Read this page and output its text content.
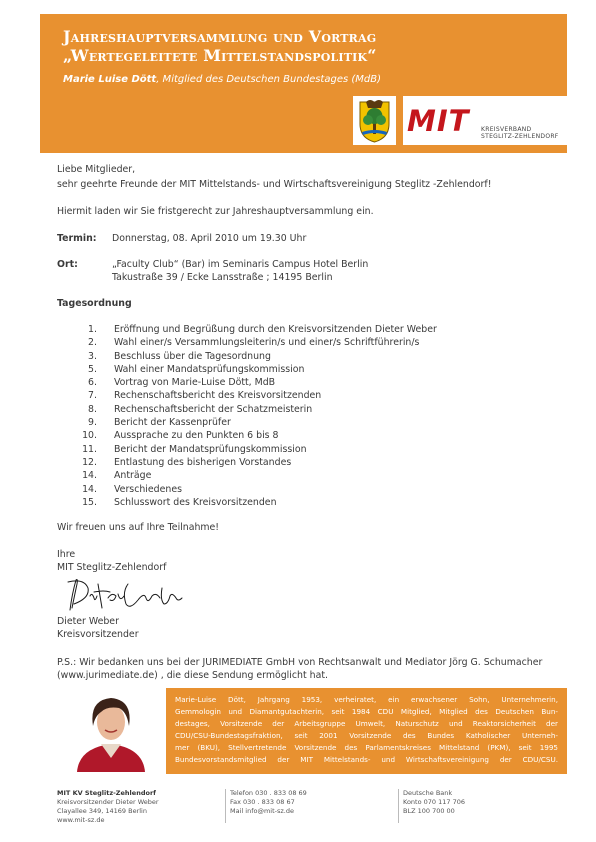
Jahreshauptversammlung und Vortrag
„Wertegeleitete Mittelstandspolitik“
Marie Luise Dött, Mitglied des Deutschen Bundestages (MdB)
MIT KREISVERBAND
STEGLITZ-ZEHLENDORF
Liebe Mitglieder,
sehr geehrte Freunde der MIT Mittelstands- und Wirtschaftsvereinigung Steglitz -Zehlendorf!
Hiermit laden wir Sie fristgerecht zur Jahreshauptversammlung ein.
Termin: Donnerstag, 08. April 2010 um 19.30 Uhr
Ort:	„Faculty Club“ (Bar) im Seminaris Campus Hotel Berlin
Takustraße 39 / Ecke Lansstraße ; 14195 Berlin
Tagesordnung
1. Eröffnung und Begrüßung durch den Kreisvorsitzenden Dieter Weber
2. Wahl einer/s Versammlungsleiterin/s und einer/s Schriftführerin/s
3. Beschluss über die Tagesordnung
5. Wahl einer Mandatsprüfungskommission
6. Vortrag von Marie-Luise Dött, MdB
7. Rechenschaftsbericht des Kreisvorsitzenden
8. Rechenschaftsbericht der Schatzmeisterin
9. Bericht der Kassenprüfer
10. Aussprache zu den Punkten 6 bis 8
11. Bericht der Mandatsprüfungskommission
12. Entlastung des bisherigen Vorstandes
14. Anträge
14. Verschiedenes
15. Schlusswort des Kreisvorsitzenden
Wir freuen uns auf Ihre Teilnahme!
Ihre
MIT Steglitz-Zehlendorf
Dieter Weber
Kreisvorsitzender
P.S.: Wir bedanken uns bei der JURIMEDIATE GmbH von Rechtsanwalt und Mediator Jörg G. Schumacher
(www.jurimediate.de) , die diese Sendung ermöglicht hat.
Marie-Luise Dött, Jahrgang 1953, verheiratet, ein erwachsener Sohn, Unternehmerin,
Gemmologin und Diamantgutachterin, seit 1984 CDU Mitglied, Mitglied des Deutschen Bun-
destages, Vorsitzende der Arbeitsgruppe Umwelt, Naturschutz und Reaktorsicherheit der
CDU/CSU-Bundestagsfraktion, seit 2001 Vorsitzende des Bundes Katholischer Unterneh-
mer (BKU), Stellvertretende Vorsitzende des Parlamentskreises Mittelstand (PKM), seit 1995
Bundesvorstandsmitglied der MIT Mittelstands- und Wirtschaftsvereinigung der CDU/CSU.
MIT KV Steglitz-Zehlendorf
Kreisvorsitzender Dieter Weber
Clayallee 349, 14169 Berlin
www.mit-sz.de
Telefon 030 . 833 08 69
Fax 030 . 833 08 67
Mail info@mit-sz.de
Deutsche Bank
Konto 070 117 706
BLZ 100 700 00
